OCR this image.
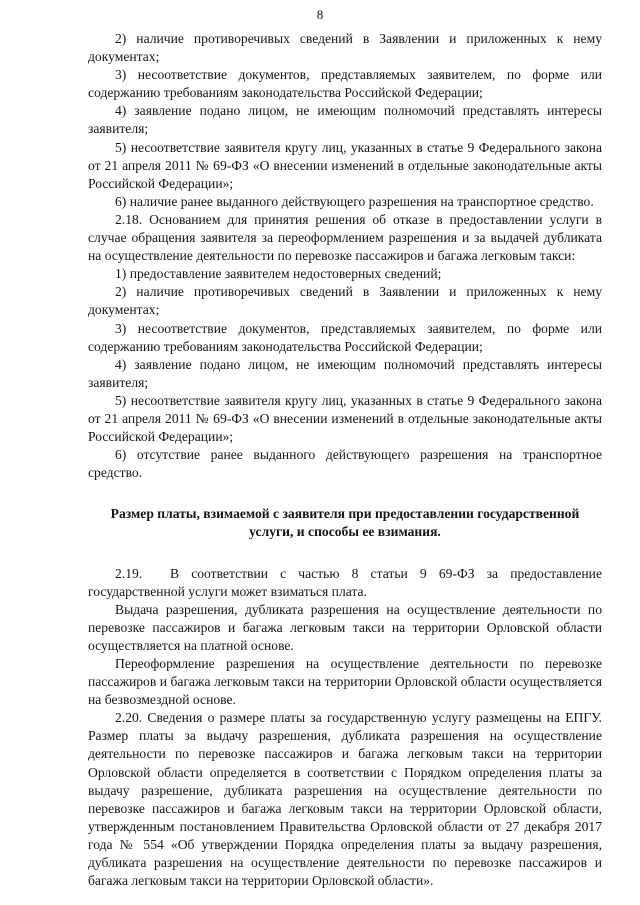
8

2) наличие противоречивых сведений в Заявлении и приложенных к нему документах;

3) несоответствие документов, представляемых заявителем, по форме или содержанию требованиям законодательства Российской Федерации;

4) заявление подано лицом, не имеющим полномочий представлять интересы заявителя;

5) несоответствие заявителя кругу лиц, указанных в статье 9 Федерального закона от 21 апреля 2011 № 69-ФЗ «О внесении изменений в отдельные законодательные акты Российской Федерации»;

6) наличие ранее выданного действующего разрешения на транспортное средство.

2.18. Основанием для принятия решения об отказе в предоставлении услуги в случае обращения заявителя за переоформлением разрешения и за выдачей дубликата на осуществление деятельности по перевозке пассажиров и багажа легковым такси:

1) предоставление заявителем недостоверных сведений;

2) наличие противоречивых сведений в Заявлении и приложенных к нему документах;

3) несоответствие документов, представляемых заявителем, по форме или содержанию требованиям законодательства Российской Федерации;

4) заявление подано лицом, не имеющим полномочий представлять интересы заявителя;

5) несоответствие заявителя кругу лиц, указанных в статье 9 Федерального закона от 21 апреля 2011 № 69-ФЗ «О внесении изменений в отдельные законодательные акты Российской Федерации»;

6) отсутствие ранее выданного действующего разрешения на транспортное средство.

Размер платы, взимаемой с заявителя при предоставлении государственной услуги, и способы ее взимания.

2.19. В соответствии с частью 8 статьи 9 69-ФЗ за предоставление государственной услуги может взиматься плата.

Выдача разрешения, дубликата разрешения на осуществление деятельности по перевозке пассажиров и багажа легковым такси на территории Орловской области осуществляется на платной основе.

Переоформление разрешения на осуществление деятельности по перевозке пассажиров и багажа легковым такси на территории Орловской области осуществляется на безвозмездной основе.

2.20. Сведения о размере платы за государственную услугу размещены на ЕПГУ. Размер платы за выдачу разрешения, дубликата разрешения на осуществление деятельности по перевозке пассажиров и багажа легковым такси на территории Орловской области определяется в соответствии с Порядком определения платы за выдачу разрешение, дубликата разрешения на осуществление деятельности по перевозке пассажиров и багажа легковым такси на территории Орловской области, утвержденным постановлением Правительства Орловской области от 27 декабря 2017 года № 554 «Об утверждении Порядка определения платы за выдачу разрешения, дубликата разрешения на осуществление деятельности по перевозке пассажиров и багажа легковым такси на территории Орловской области».
